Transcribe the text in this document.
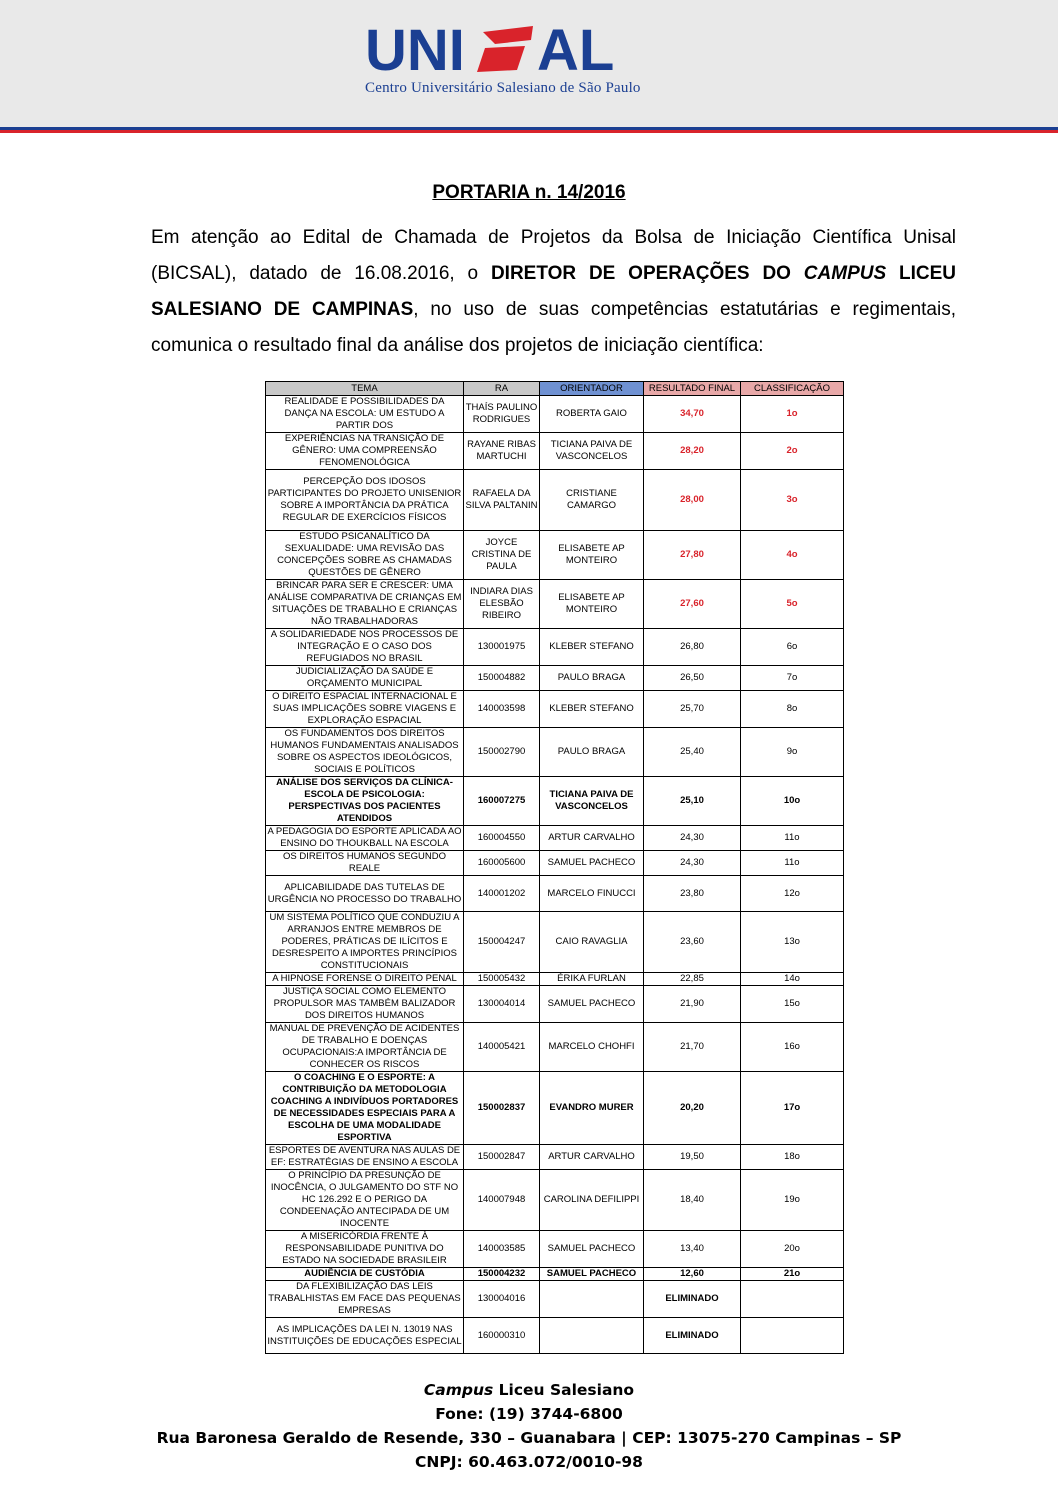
UNI AL
Centro Universitário Salesiano de São Paulo
PORTARIA n. 14/2016
Em atenção ao Edital de Chamada de Projetos da Bolsa de Iniciação Científica Unisal (BICSAL), datado de 16.08.2016, o DIRETOR DE OPERAÇÕES DO CAMPUS LICEU SALESIANO DE CAMPINAS, no uso de suas competências estatutárias e regimentais, comunica o resultado final da análise dos projetos de iniciação científica:
TEMA	RA	ORIENTADOR	RESULTADO FINAL	CLASSIFICAÇÃO
REALIDADE E POSSIBILIDADES DA DANÇA NA ESCOLA: UM ESTUDO A PARTIR DOS	THAÍS PAULINO RODRIGUES	ROBERTA GAIO	34,70	1o
EXPERIÊNCIAS NA TRANSIÇÃO DE GÊNERO: UMA COMPREENSÃO FENOMENOLÓGICA	RAYANE RIBAS MARTUCHI	TICIANA PAIVA DE VASCONCELOS	28,20	2o
PERCEPÇÃO DOS IDOSOS PARTICIPANTES DO PROJETO UNISENIOR SOBRE A IMPORTÂNCIA DA PRÁTICA REGULAR DE EXERCÍCIOS FÍSICOS	RAFAELA DA SILVA PALTANIN	CRISTIANE CAMARGO	28,00	3o
ESTUDO PSICANALÍTICO DA SEXUALIDADE: UMA REVISÃO DAS CONCEPÇÕES SOBRE AS CHAMADAS QUESTÕES DE GÊNERO	JOYCE CRISTINA DE PAULA	ELISABETE AP MONTEIRO	27,80	4o
BRINCAR PARA SER E CRESCER: UMA ANÁLISE COMPARATIVA DE CRIANÇAS EM SITUAÇÕES DE TRABALHO E CRIANÇAS NÃO TRABALHADORAS	INDIARA DIAS ELESBÃO RIBEIRO	ELISABETE AP MONTEIRO	27,60	5o
A SOLIDARIEDADE NOS PROCESSOS DE INTEGRAÇÃO E O CASO DOS REFUGIADOS NO BRASIL	130001975	KLEBER STEFANO	26,80	6o
JUDICIALIZAÇÃO DA SAÚDE E ORÇAMENTO MUNICIPAL	150004882	PAULO BRAGA	26,50	7o
O DIREITO ESPACIAL INTERNACIONAL E SUAS IMPLICAÇÕES SOBRE VIAGENS E EXPLORAÇÃO ESPACIAL	140003598	KLEBER STEFANO	25,70	8o
OS FUNDAMENTOS DOS DIREITOS HUMANOS FUNDAMENTAIS ANALISADOS SOBRE OS ASPECTOS IDEOLÓGICOS, SOCIAIS E POLÍTICOS	150002790	PAULO BRAGA	25,40	9o
ANÁLISE DOS SERVIÇOS DA CLÍNICA-ESCOLA DE PSICOLOGIA: PERSPECTIVAS DOS PACIENTES ATENDIDOS	160007275	TICIANA PAIVA DE VASCONCELOS	25,10	10o
A PEDAGOGIA DO ESPORTE APLICADA AO ENSINO DO THOUKBALL NA ESCOLA	160004550	ARTUR CARVALHO	24,30	11o
OS DIREITOS HUMANOS SEGUNDO REALE	160005600	SAMUEL PACHECO	24,30	11o
APLICABILIDADE DAS TUTELAS DE URGÊNCIA NO PROCESSO DO TRABALHO	140001202	MARCELO FINUCCI	23,80	12o
UM SISTEMA POLÍTICO QUE CONDUZIU A ARRANJOS ENTRE MEMBROS DE PODERES, PRÁTICAS DE ILÍCITOS E DESRESPEITO A IMPORTES PRINCÍPIOS CONSTITUCIONAIS	150004247	CAIO RAVAGLIA	23,60	13o
A HIPNOSE FORENSE O DIREITO PENAL	150005432	ÉRIKA FURLAN	22,85	14o
JUSTIÇA SOCIAL COMO ELEMENTO PROPULSOR MAS TAMBÉM BALIZADOR DOS DIREITOS HUMANOS	130004014	SAMUEL PACHECO	21,90	15o
MANUAL DE PREVENÇÃO DE ACIDENTES DE TRABALHO E DOENÇAS OCUPACIONAIS:A IMPORTÂNCIA DE CONHECER OS RISCOS	140005421	MARCELO CHOHFI	21,70	16o
O COACHING E O ESPORTE: A CONTRIBUIÇÃO DA METODOLOGIA COACHING A INDIVÍDUOS PORTADORES DE NECESSIDADES ESPECIAIS PARA A ESCOLHA DE UMA MODALIDADE ESPORTIVA	150002837	EVANDRO MURER	20,20	17o
ESPORTES DE AVENTURA NAS AULAS DE EF: ESTRATÉGIAS DE ENSINO A ESCOLA	150002847	ARTUR CARVALHO	19,50	18o
O PRINCÍPIO DA PRESUNÇÃO DE INOCÊNCIA, O JULGAMENTO DO STF NO HC 126.292 E O PERIGO DA CONDEENAÇÃO ANTECIPADA DE UM INOCENTE	140007948	CAROLINA DEFILIPPI	18,40	19o
A MISERICÓRDIA FRENTE À RESPONSABILIDADE PUNITIVA DO ESTADO NA SOCIEDADE BRASILEIR	140003585	SAMUEL PACHECO	13,40	20o
AUDIÊNCIA DE CUSTÓDIA	150004232	SAMUEL PACHECO	12,60	21o
DA FLEXIBILIZAÇÃO DAS LEIS TRABALHISTAS EM FACE DAS PEQUENAS EMPRESAS	130004016		ELIMINADO	
AS IMPLICAÇÕES DA LEI N. 13019 NAS INSTITUIÇÕES DE EDUCAÇÕES ESPECIAL	160000310		ELIMINADO	
Campus Liceu Salesiano
Fone: (19) 3744-6800
Rua Baronesa Geraldo de Resende, 330 – Guanabara | CEP: 13075-270 Campinas – SP
CNPJ: 60.463.072/0010-98
